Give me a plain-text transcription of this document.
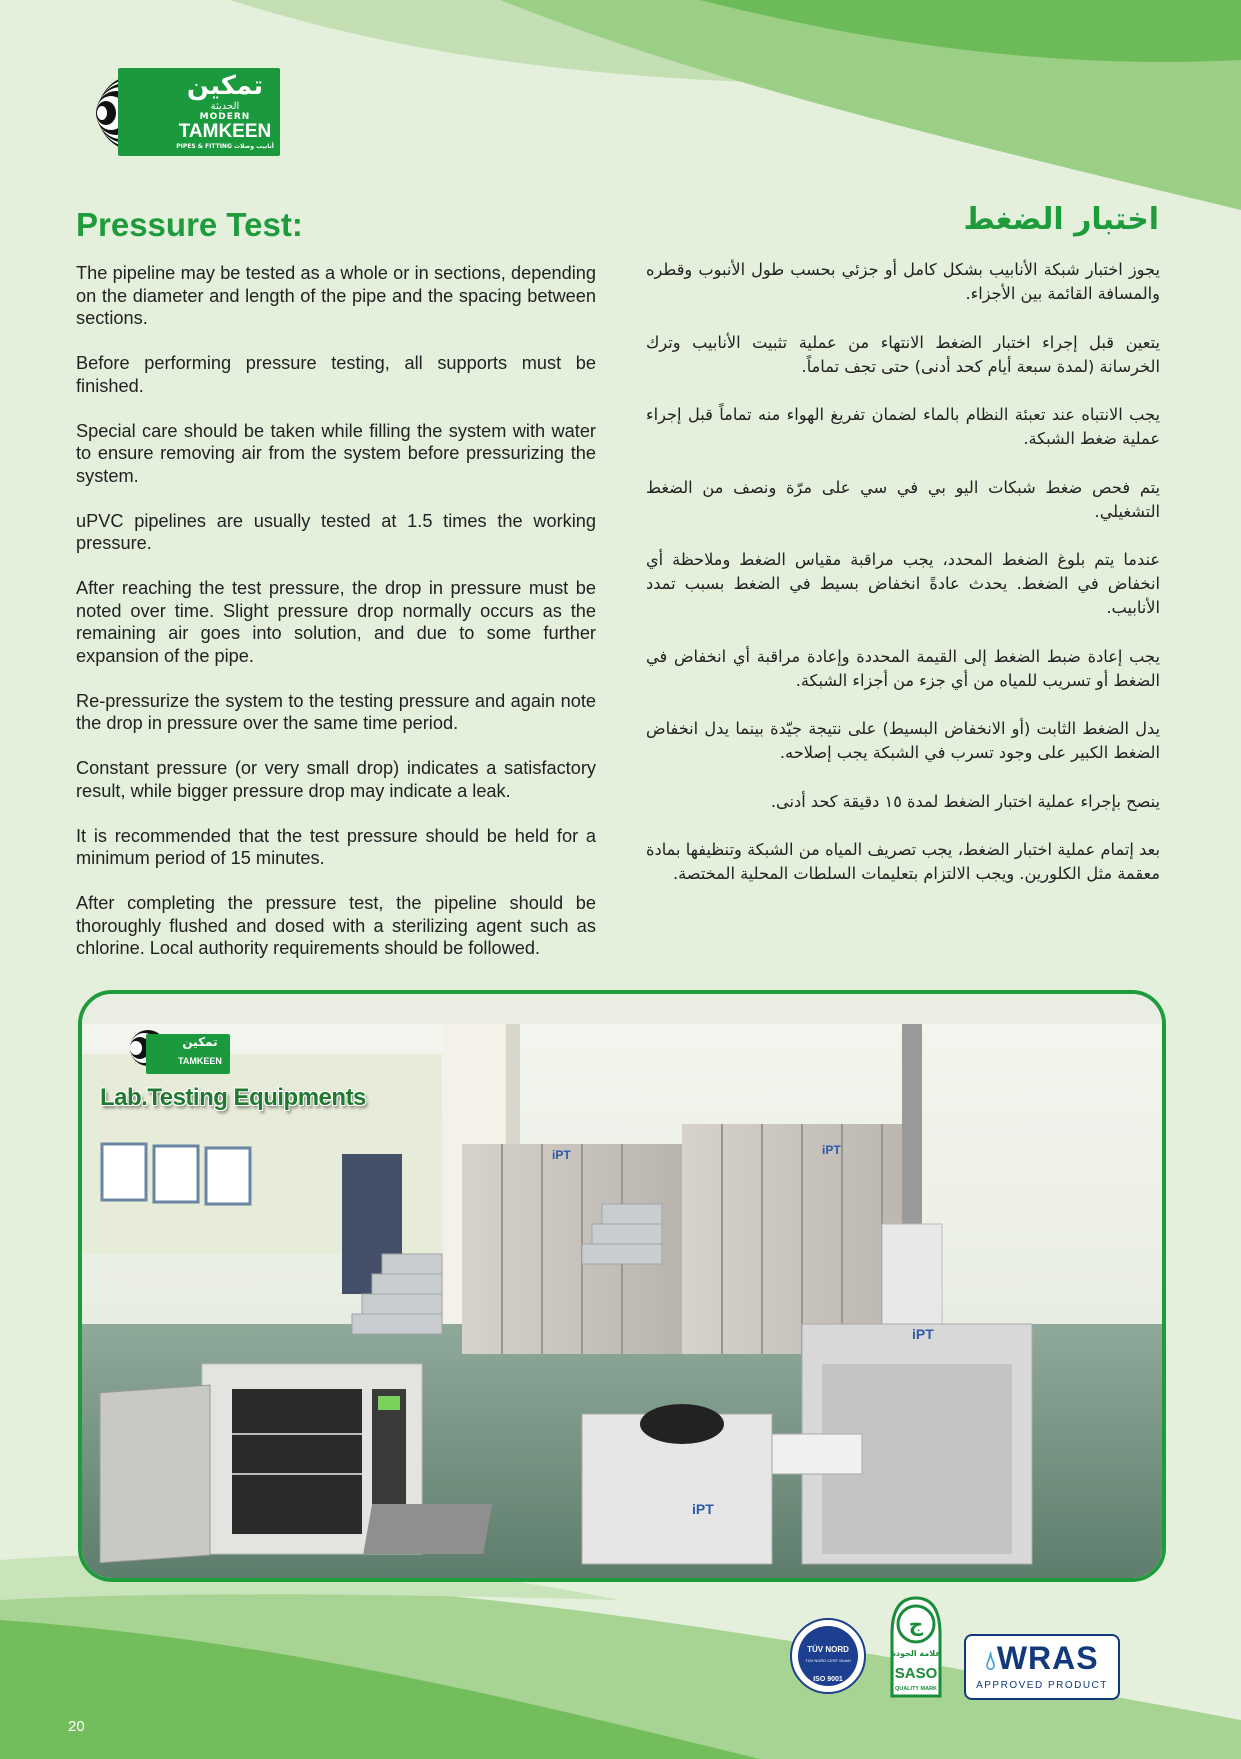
تمكين
الحديثة
MODERN
TAMKEEN
PIPES & FITTING أنابيب وصلات
Pressure Test:	اختبار الضغط

The pipeline may be tested as a whole or in sections, depending on the diameter and length of the pipe and the spacing between sections.

Before performing pressure testing, all supports must be finished.

Special care should be taken while filling the system with water to ensure removing air from the system before pressurizing the system.

uPVC pipelines are usually tested at 1.5 times the working pressure.

After reaching the test pressure, the drop in pressure must be noted over time. Slight pressure drop normally occurs as the remaining air goes into solution, and due to some further expansion of the pipe.

Re-pressurize the system to the testing pressure and again note the drop in pressure over the same time period.

Constant pressure (or very small drop) indicates a satisfactory result, while bigger pressure drop may indicate a leak.

It is recommended that the test pressure should be held for a minimum period of 15 minutes.

After completing the pressure test, the pipeline should be thoroughly flushed and dosed with a sterilizing agent such as chlorine. Local authority requirements should be followed.

يجوز اختبار شبكة الأنابيب بشكل كامل أو جزئي بحسب طول الأنبوب وقطره والمسافة القائمة بين الأجزاء.

يتعين قبل إجراء اختبار الضغط الانتهاء من عملية تثبيت الأنابيب وترك الخرسانة (لمدة سبعة أيام كحد أدنى) حتى تجف تماماً.

يجب الانتباه عند تعبئة النظام بالماء لضمان تفريغ الهواء منه تماماً قبل إجراء عملية ضغط الشبكة.

يتم فحص ضغط شبكات اليو بي في سي على مرّة ونصف من الضغط التشغيلي.

عندما يتم بلوغ الضغط المحدد، يجب مراقبة مقياس الضغط وملاحظة أي انخفاض في الضغط. يحدث عادةً انخفاض بسيط في الضغط بسبب تمدد الأنابيب.

يجب إعادة ضبط الضغط إلى القيمة المحددة وإعادة مراقبة أي انخفاض في الضغط أو تسريب للمياه من أي جزء من أجزاء الشبكة.

يدل الضغط الثابت (أو الانخفاض البسيط) على نتيجة جيّدة بينما يدل انخفاض الضغط الكبير على وجود تسرب في الشبكة يجب إصلاحه.

ينصح بإجراء عملية اختبار الضغط لمدة ١٥ دقيقة كحد أدنى.

بعد إتمام عملية اختبار الضغط، يجب تصريف المياه من الشبكة وتنظيفها بمادة معقمة مثل الكلورين. ويجب الالتزام بتعليمات السلطات المحلية المختصة.

iPT	iPT
iPT
iPT
تمكين
TAMKEEN
Lab.Testing Equipments
TÜV NORD
TÜV NORD CERT GmbH
ISO 9001
ج
علامة الجودة
SASO
QUALITY MARK
💧︎WRAS
APPROVED PRODUCT
20
